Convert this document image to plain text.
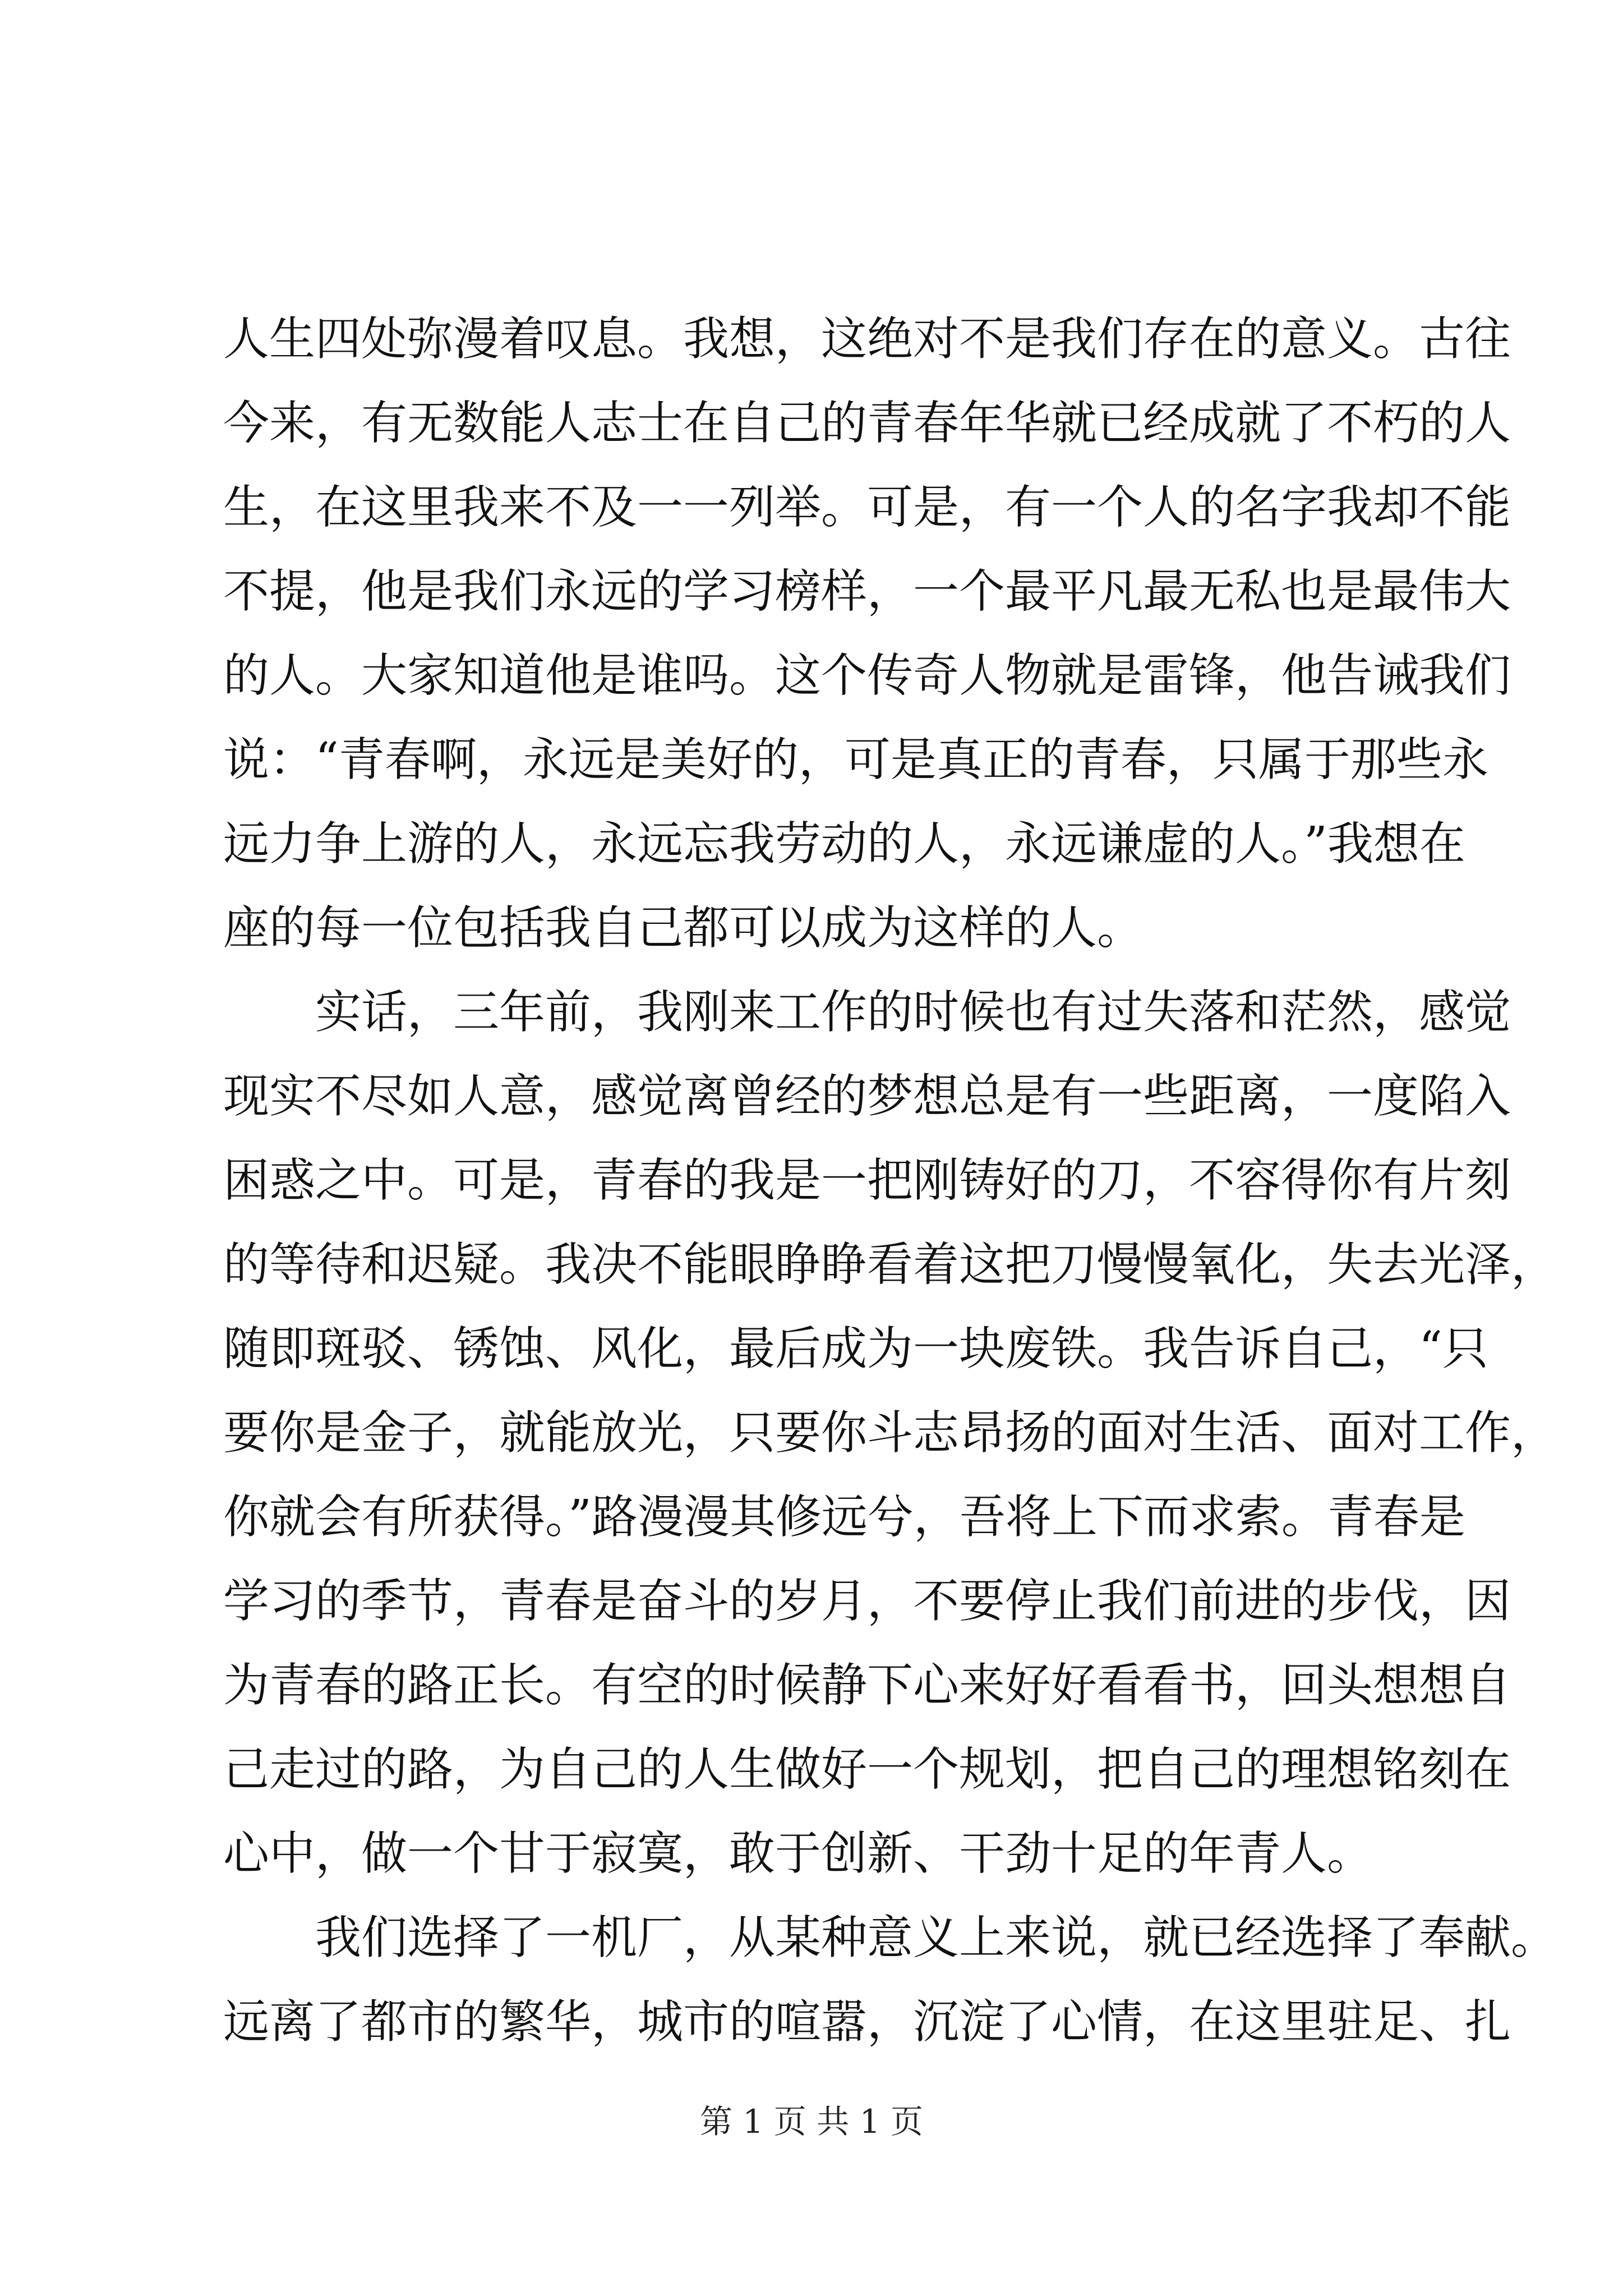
人生四处弥漫着叹息。我想，这绝对不是我们存在的意义。古往
今来，有无数能人志士在自己的青春年华就已经成就了不朽的人
生，在这里我来不及一一列举。可是，有一个人的名字我却不能
不提，他是我们永远的学习榜样，一个最平凡最无私也是最伟大
的人。大家知道他是谁吗。这个传奇人物就是雷锋，他告诫我们
说：“青春啊，永远是美好的，可是真正的青春，只属于那些永
远力争上游的人，永远忘我劳动的人，永远谦虚的人。”我想在
座的每一位包括我自己都可以成为这样的人。
实话，三年前，我刚来工作的时候也有过失落和茫然，感觉
现实不尽如人意，感觉离曾经的梦想总是有一些距离，一度陷入
困惑之中。可是，青春的我是一把刚铸好的刀，不容得你有片刻
的等待和迟疑。我决不能眼睁睁看着这把刀慢慢氧化，失去光泽，
随即斑驳、锈蚀、风化，最后成为一块废铁。我告诉自己，“只
要你是金子，就能放光，只要你斗志昂扬的面对生活、面对工作，
你就会有所获得。”路漫漫其修远兮，吾将上下而求索。青春是
学习的季节，青春是奋斗的岁月，不要停止我们前进的步伐，因
为青春的路正长。有空的时候静下心来好好看看书，回头想想自
己走过的路，为自己的人生做好一个规划，把自己的理想铭刻在
心中，做一个甘于寂寞，敢于创新、干劲十足的年青人。
我们选择了一机厂，从某种意义上来说，就已经选择了奉献。
远离了都市的繁华，城市的喧嚣，沉淀了心情，在这里驻足、扎
第 1 页 共 1 页
